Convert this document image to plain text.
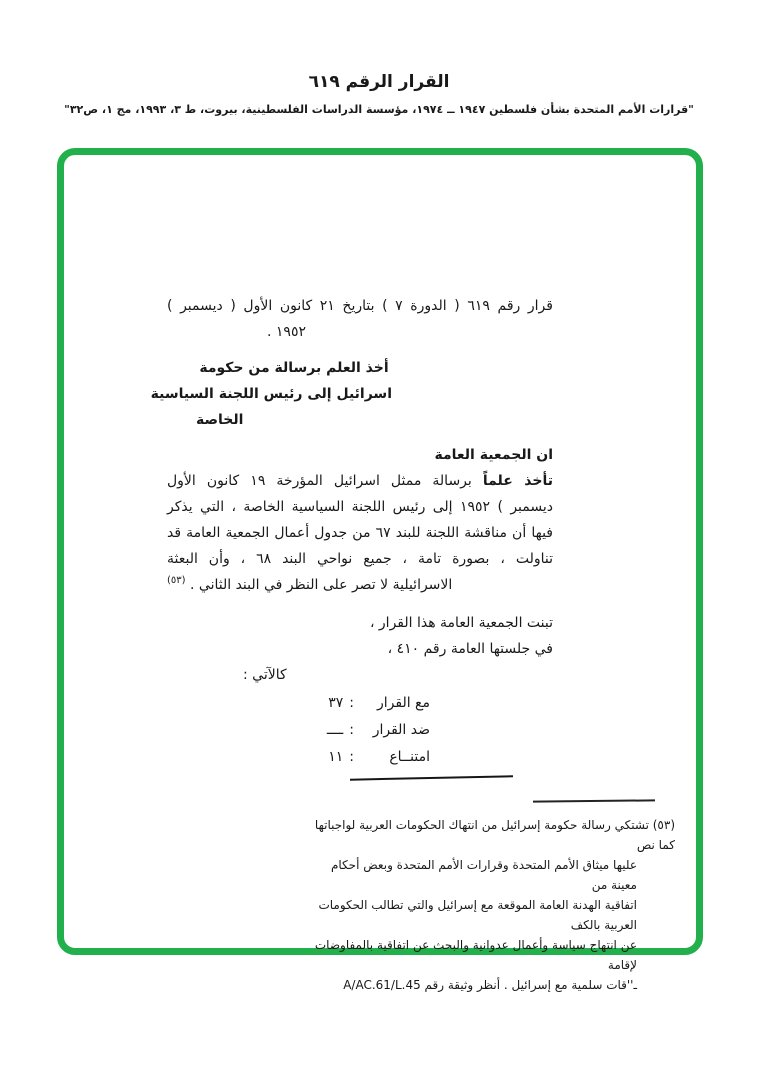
القرار الرقم ٦١٩
"قرارات الأمم المتحدة بشأن فلسطين ١٩٤٧ ــ ١٩٧٤، مؤسسة الدراسات الفلسطينية، بيروت، ط ٣، ١٩٩٣، مج ١، ص٣٢"
قرار رقم ٦١٩ ( الدورة ٧ ) بتاريخ ٢١ كانون الأول ( ديسمبر )
١٩٥٢ .
أخذ العلم برسالة من حكومة
اسرائيل إلى رئيس اللجنة السياسية
الخاصة
ان الجمعية العامة
تأخذ علماً برسالة ممثل اسرائيل المؤرخة ١٩ كانون الأول
ديسمبر ) ١٩٥٢ إلى رئيس اللجنة السياسية الخاصة ، التي يذكر
فيها أن مناقشة اللجنة للبند ٦٧ من جدول أعمال الجمعية العامة قد
تناولت ، بصورة تامة ، جميع نواحي البند ٦٨ ، وأن البعثة
الاسرائيلية لا تصر على النظر في البند الثاني . $^{(٥٣)}$
تبنت الجمعية العامة هذا القرار ،
في جلستها العامة رقم ٤١٠ ،
كالآتي :
مع القرار
:
٣٧
ضد القرار
:
ــــ
امتنــاع
:
١١
(٥٣) تشتكي رسالة حكومة إسرائيل من انتهاك الحكومات العربية لواجباتها كما نص
عليها ميثاق الأمم المتحدة وقرارات الأمم المتحدة وبعض أحكام معينة من
اتفاقية الهدنة العامة الموقعة مع إسرائيل والتي تطالب الحكومات العربية بالكف
عن انتهاج سياسة وأعمال عدوانية والبحث عن اتفاقية بالمفاوضات لإقامة
ـ''قات سلمية مع إسرائيل . أنظر وثيقة رقم A/AC.61/L.45
